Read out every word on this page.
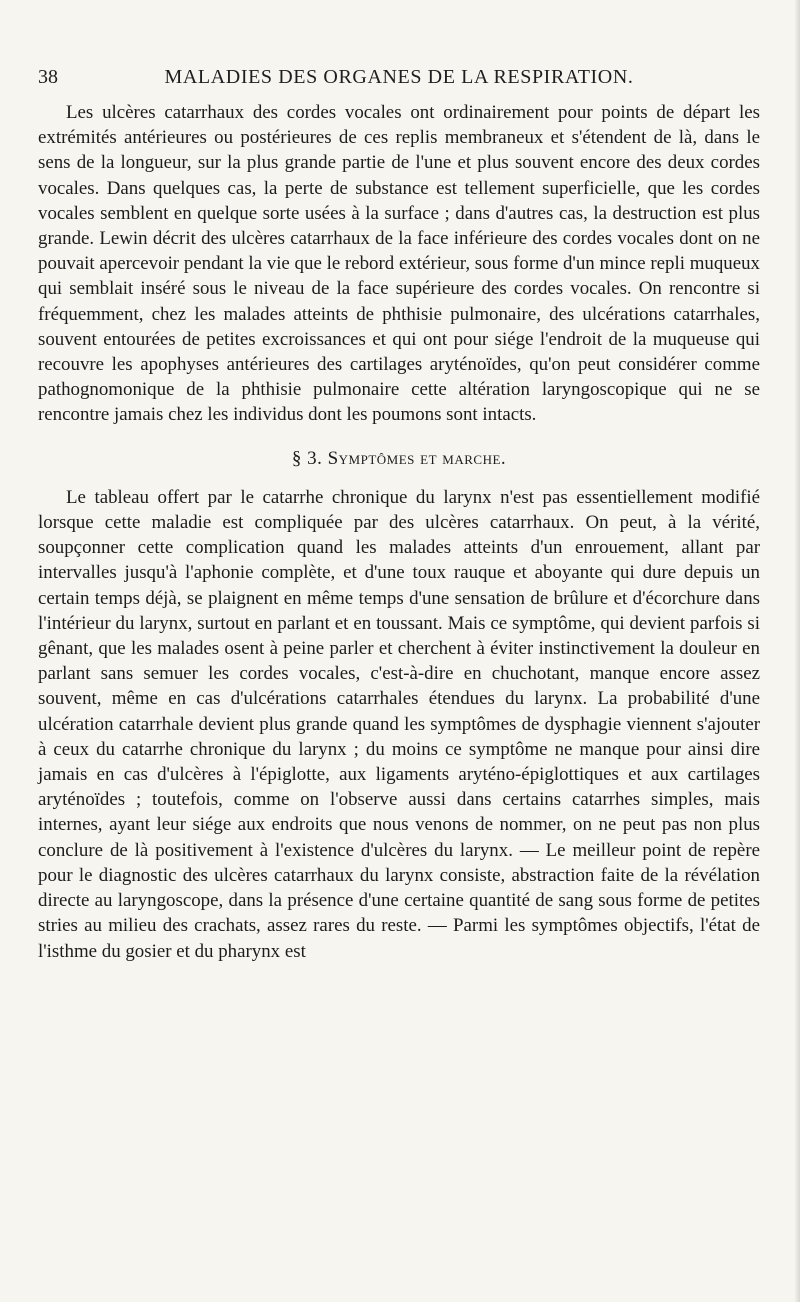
38	MALADIES DES ORGANES DE LA RESPIRATION.

Les ulcères catarrhaux des cordes vocales ont ordinairement pour points de départ les extrémités antérieures ou postérieures de ces replis membraneux et s'étendent de là, dans le sens de la longueur, sur la plus grande partie de l'une et plus souvent encore des deux cordes vocales. Dans quelques cas, la perte de substance est tellement superficielle, que les cordes vocales semblent en quelque sorte usées à la surface ; dans d'autres cas, la destruction est plus grande. Lewin décrit des ulcères catarrhaux de la face inférieure des cordes vocales dont on ne pouvait apercevoir pendant la vie que le rebord extérieur, sous forme d'un mince repli muqueux qui semblait inséré sous le niveau de la face supérieure des cordes vocales. On rencontre si fréquemment, chez les malades atteints de phthisie pulmonaire, des ulcérations catarrhales, souvent entourées de petites excroissances et qui ont pour siége l'endroit de la muqueuse qui recouvre les apophyses antérieures des cartilages aryténoïdes, qu'on peut considérer comme pathognomonique de la phthisie pulmonaire cette altération laryngoscopique qui ne se rencontre jamais chez les individus dont les poumons sont intacts.

§ 3. Symptômes et marche.

Le tableau offert par le catarrhe chronique du larynx n'est pas essentiellement modifié lorsque cette maladie est compliquée par des ulcères catarrhaux. On peut, à la vérité, soupçonner cette complication quand les malades atteints d'un enrouement, allant par intervalles jusqu'à l'aphonie complète, et d'une toux rauque et aboyante qui dure depuis un certain temps déjà, se plaignent en même temps d'une sensation de brûlure et d'écorchure dans l'intérieur du larynx, surtout en parlant et en toussant. Mais ce symptôme, qui devient parfois si gênant, que les malades osent à peine parler et cherchent à éviter instinctivement la douleur en parlant sans semuer les cordes vocales, c'est-à-dire en chuchotant, manque encore assez souvent, même en cas d'ulcérations catarrhales étendues du larynx. La probabilité d'une ulcération catarrhale devient plus grande quand les symptômes de dysphagie viennent s'ajouter à ceux du catarrhe chronique du larynx ; du moins ce symptôme ne manque pour ainsi dire jamais en cas d'ulcères à l'épiglotte, aux ligaments aryténo-épiglottiques et aux cartilages aryténoïdes ; toutefois, comme on l'observe aussi dans certains catarrhes simples, mais internes, ayant leur siége aux endroits que nous venons de nommer, on ne peut pas non plus conclure de là positivement à l'existence d'ulcères du larynx. — Le meilleur point de repère pour le diagnostic des ulcères catarrhaux du larynx consiste, abstraction faite de la révélation directe au laryngoscope, dans la présence d'une certaine quantité de sang sous forme de petites stries au milieu des crachats, assez rares du reste. — Parmi les symptômes objectifs, l'état de l'isthme du gosier et du pharynx est
